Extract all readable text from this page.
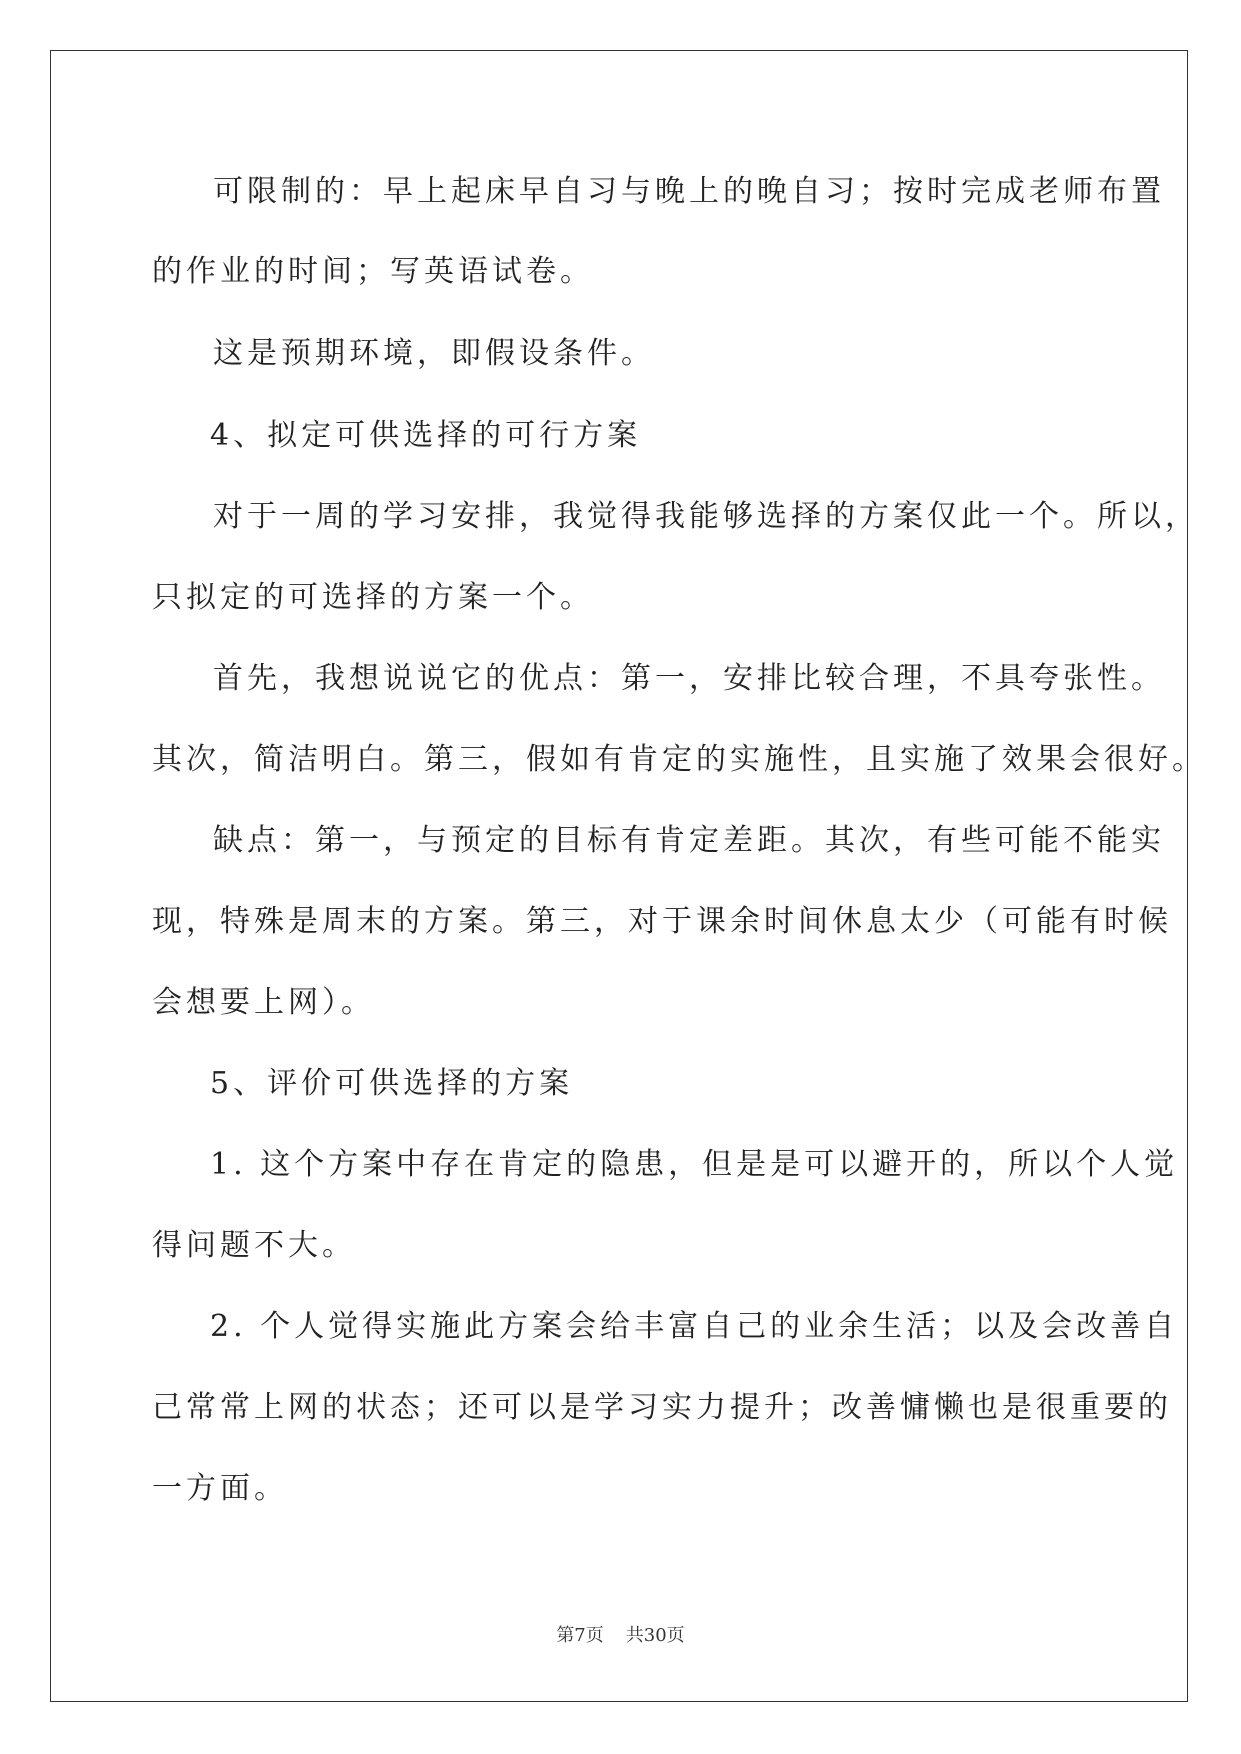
可限制的：早上起床早自习与晚上的晚自习；按时完成老师布置
的作业的时间；写英语试卷。
这是预期环境，即假设条件。
4、拟定可供选择的可行方案
对于一周的学习安排，我觉得我能够选择的方案仅此一个。所以，
只拟定的可选择的方案一个。
首先，我想说说它的优点：第一，安排比较合理，不具夸张性。
其次，简洁明白。第三，假如有肯定的实施性，且实施了效果会很好。
缺点：第一，与预定的目标有肯定差距。其次，有些可能不能实
现，特殊是周末的方案。第三，对于课余时间休息太少（可能有时候
会想要上网）。
5、评价可供选择的方案
1. 这个方案中存在肯定的隐患，但是是可以避开的，所以个人觉
得问题不大。
2. 个人觉得实施此方案会给丰富自己的业余生活；以及会改善自
己常常上网的状态；还可以是学习实力提升；改善慵懒也是很重要的
一方面。
第7页 共30页
